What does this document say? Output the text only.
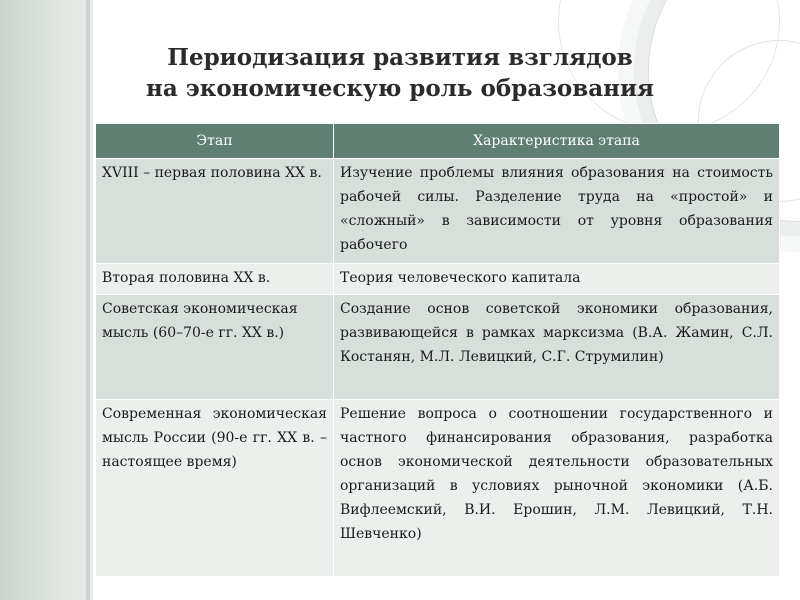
Периодизация развития взглядов
на экономическую роль образования
Этап	Характеристика этапа
XVIII – первая половина XX в.	Изучение проблемы влияния образования на стоимость рабочей силы. Разделение труда на «простой» и «сложный» в зависимости от уровня образования рабочего
Вторая половина XX в.	Теория человеческого капитала
Советская экономическая мысль (60–70-е гг. XX в.)	Создание основ советской экономики образования, развивающейся в рамках марксизма (В.А. Жамин, С.Л. Костанян, М.Л. Левицкий, С.Г. Струмилин)
Современная экономическая мысль России (90-е гг. XX в. – настоящее время)	Решение вопроса о соотношении государственного и частного финансирования образования, разработка основ экономической деятельности образовательных организаций в условиях рыночной экономики (А.Б. Вифлеемский, В.И. Ерошин, Л.М. Левицкий, Т.Н. Шевченко)
